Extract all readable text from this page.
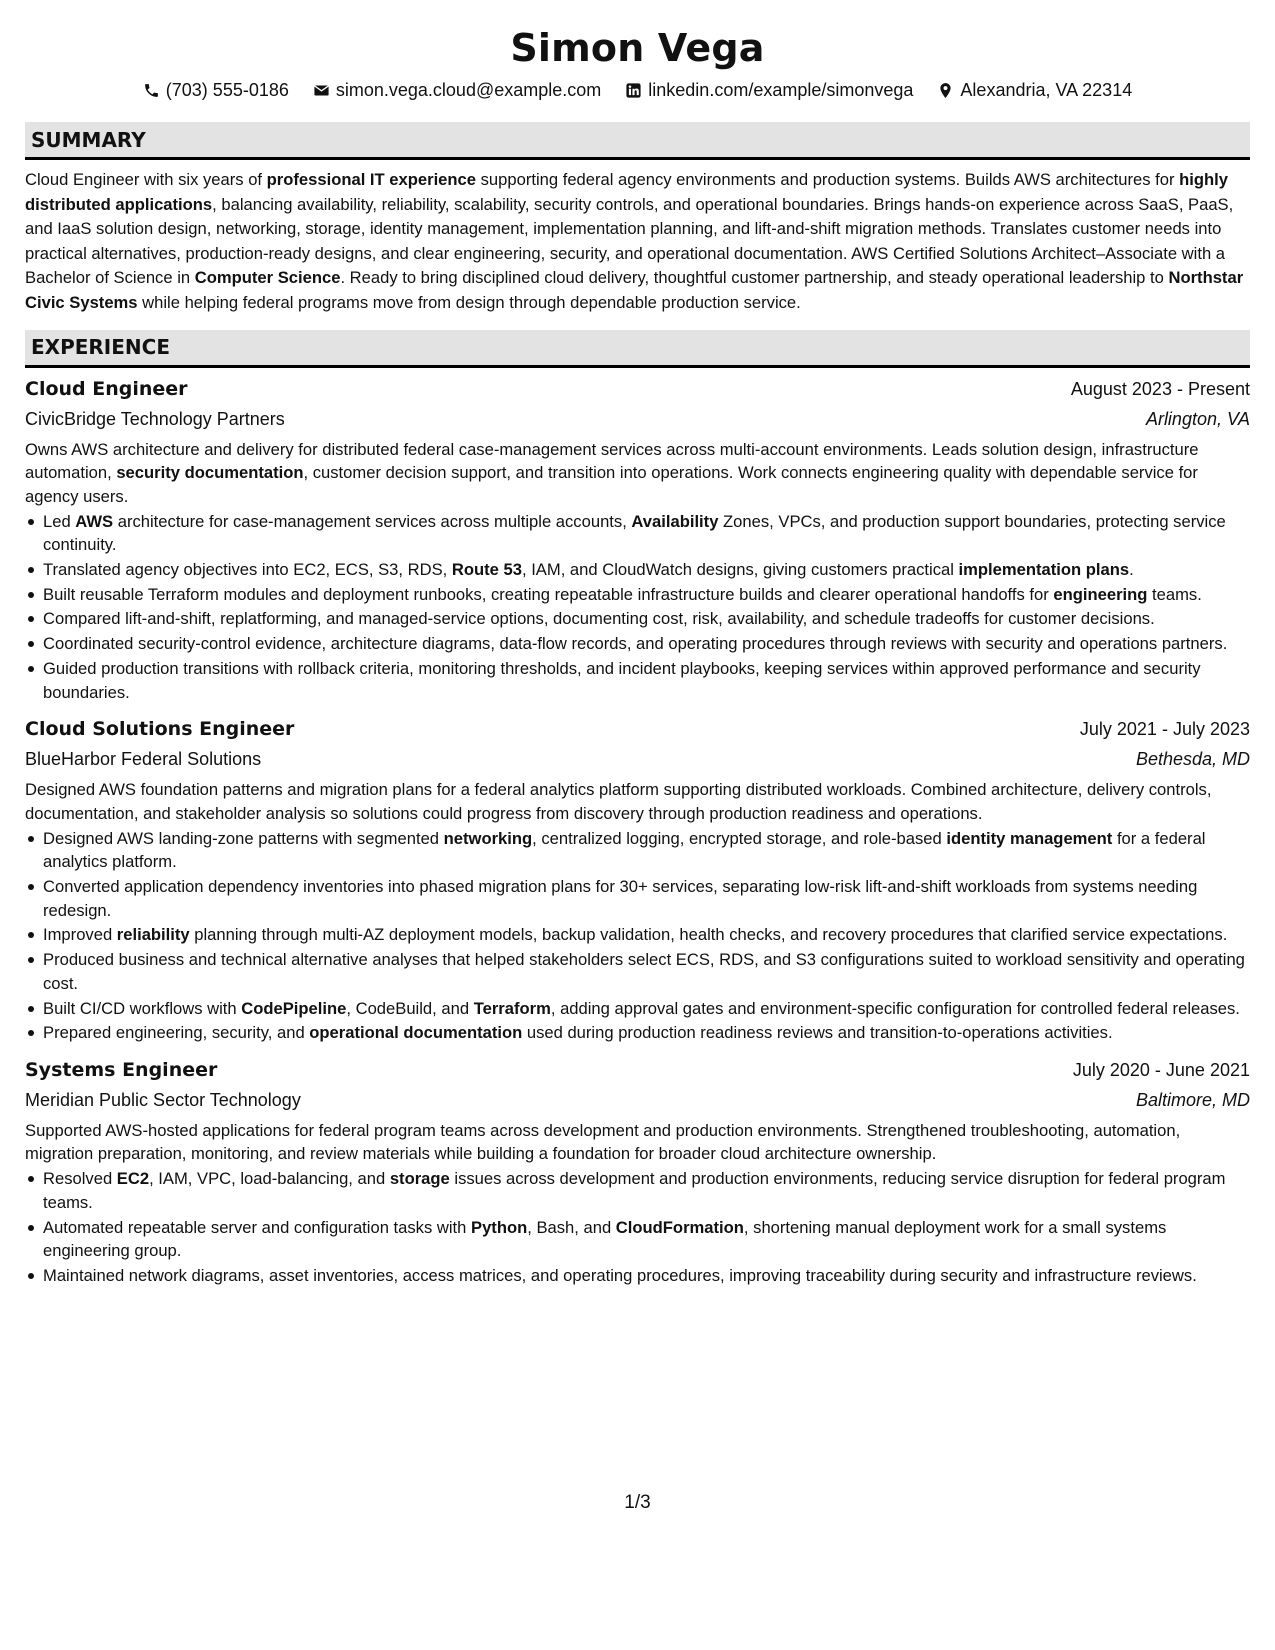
Simon Vega
(703) 555-0186	simon.vega.cloud@example.com	linkedin.com/example/simonvega	Alexandria, VA 22314
SUMMARY
Cloud Engineer with six years of professional IT experience supporting federal agency environments and production systems. Builds AWS architectures for highly distributed applications, balancing availability, reliability, scalability, security controls, and operational boundaries. Brings hands-on experience across SaaS, PaaS, and IaaS solution design, networking, storage, identity management, implementation planning, and lift-and-shift migration methods. Translates customer needs into practical alternatives, production-ready designs, and clear engineering, security, and operational documentation. AWS Certified Solutions Architect–Associate with a Bachelor of Science in Computer Science. Ready to bring disciplined cloud delivery, thoughtful customer partnership, and steady operational leadership to Northstar Civic Systems while helping federal programs move from design through dependable production service.
EXPERIENCE
Cloud Engineer	August 2023 - Present
CivicBridge Technology Partners	Arlington, VA
Owns AWS architecture and delivery for distributed federal case-management services across multi-account environments. Leads solution design, infrastructure automation, security documentation, customer decision support, and transition into operations. Work connects engineering quality with dependable service for agency users.
Led AWS architecture for case-management services across multiple accounts, Availability Zones, VPCs, and production support boundaries, protecting service continuity.
Translated agency objectives into EC2, ECS, S3, RDS, Route 53, IAM, and CloudWatch designs, giving customers practical implementation plans.
Built reusable Terraform modules and deployment runbooks, creating repeatable infrastructure builds and clearer operational handoffs for engineering teams.
Compared lift-and-shift, replatforming, and managed-service options, documenting cost, risk, availability, and schedule tradeoffs for customer decisions.
Coordinated security-control evidence, architecture diagrams, data-flow records, and operating procedures through reviews with security and operations partners.
Guided production transitions with rollback criteria, monitoring thresholds, and incident playbooks, keeping services within approved performance and security boundaries.
Cloud Solutions Engineer	July 2021 - July 2023
BlueHarbor Federal Solutions	Bethesda, MD
Designed AWS foundation patterns and migration plans for a federal analytics platform supporting distributed workloads. Combined architecture, delivery controls, documentation, and stakeholder analysis so solutions could progress from discovery through production readiness and operations.
Designed AWS landing-zone patterns with segmented networking, centralized logging, encrypted storage, and role-based identity management for a federal analytics platform.
Converted application dependency inventories into phased migration plans for 30+ services, separating low-risk lift-and-shift workloads from systems needing redesign.
Improved reliability planning through multi-AZ deployment models, backup validation, health checks, and recovery procedures that clarified service expectations.
Produced business and technical alternative analyses that helped stakeholders select ECS, RDS, and S3 configurations suited to workload sensitivity and operating cost.
Built CI/CD workflows with CodePipeline, CodeBuild, and Terraform, adding approval gates and environment-specific configuration for controlled federal releases.
Prepared engineering, security, and operational documentation used during production readiness reviews and transition-to-operations activities.
Systems Engineer	July 2020 - June 2021
Meridian Public Sector Technology	Baltimore, MD
Supported AWS-hosted applications for federal program teams across development and production environments. Strengthened troubleshooting, automation, migration preparation, monitoring, and review materials while building a foundation for broader cloud architecture ownership.
Resolved EC2, IAM, VPC, load-balancing, and storage issues across development and production environments, reducing service disruption for federal program teams.
Automated repeatable server and configuration tasks with Python, Bash, and CloudFormation, shortening manual deployment work for a small systems engineering group.
Maintained network diagrams, asset inventories, access matrices, and operating procedures, improving traceability during security and infrastructure reviews.
1/3
